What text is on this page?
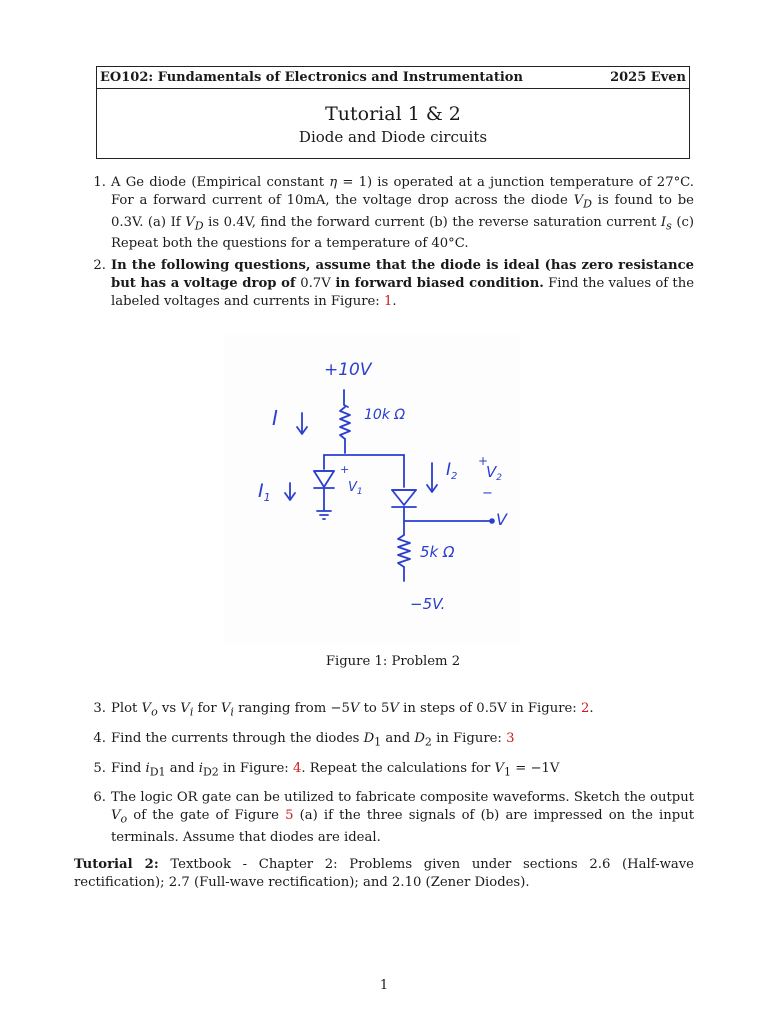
EO102: Fundamentals of Electronics and Instrumentation	2025 Even
Tutorial 1 & 2
Diode and Diode circuits
1. A Ge diode (Empirical constant η = 1) is operated at a junction temperature of 27°C. For a forward current of 10mA, the voltage drop across the diode $V_D$ is found to be 0.3V. (a) If $V_D$ is 0.4V, find the forward current (b) the reverse saturation current $I_s$ (c) Repeat both the questions for a temperature of 40°C.
2. In the following questions, assume that the diode is ideal (has zero resistance but has a voltage drop of 0.7V in forward biased condition. Find the values of the labeled voltages and currents in Figure: 1.
+10V
I	10k Ω
$I_1$
+
$V_1$
$I_2$
+
$V_2$
−
V
5k Ω
−5V.
Figure 1: Problem 2
3. Plot $V_o$ vs $V_i$ for $V_i$ ranging from −5V to 5V in steps of 0.5V in Figure: 2.
4. Find the currents through the diodes $D_1$ and $D_2$ in Figure: 3
5. Find $i_{D1}$ and $i_{D2}$ in Figure: 4. Repeat the calculations for $V_1 = -1V$
6. The logic OR gate can be utilized to fabricate composite waveforms. Sketch the output $V_o$ of the gate of Figure 5 (a) if the three signals of (b) are impressed on the input terminals. Assume that diodes are ideal.
Tutorial 2: Textbook - Chapter 2: Problems given under sections 2.6 (Half-wave rectification); 2.7 (Full-wave rectification); and 2.10 (Zener Diodes).
1
